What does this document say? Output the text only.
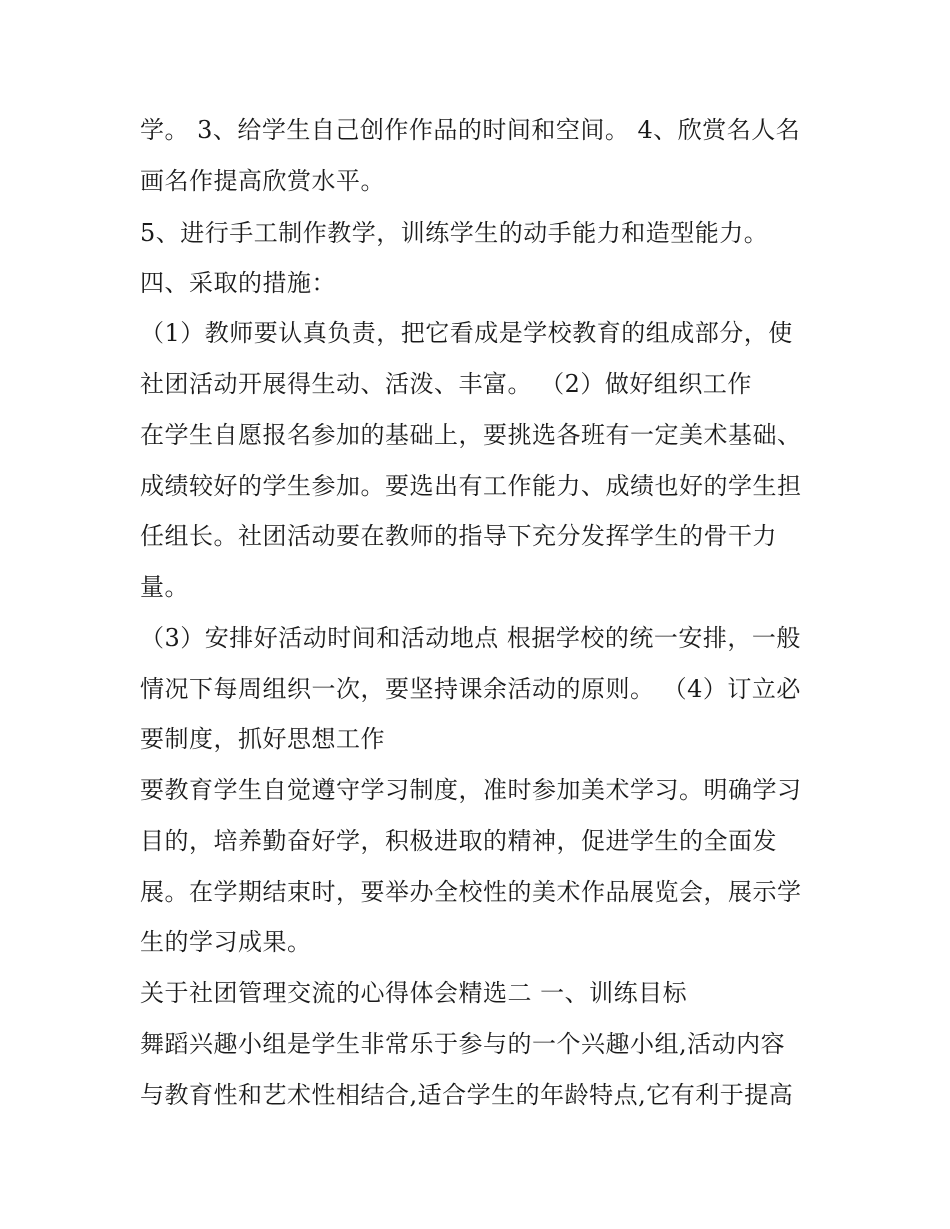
学。 3、给学生自己创作作品的时间和空间。 4、欣赏名人名
画名作提高欣赏水平。
5、进行手工制作教学，训练学生的动手能力和造型能力。
四、采取的措施：
（1）教师要认真负责，把它看成是学校教育的组成部分，使
社团活动开展得生动、活泼、丰富。 （2）做好组织工作
在学生自愿报名参加的基础上，要挑选各班有一定美术基础、
成绩较好的学生参加。要选出有工作能力、成绩也好的学生担
任组长。社团活动要在教师的指导下充分发挥学生的骨干力
量。
（3）安排好活动时间和活动地点 根据学校的统一安排，一般
情况下每周组织一次，要坚持课余活动的原则。 （4）订立必
要制度，抓好思想工作
要教育学生自觉遵守学习制度，准时参加美术学习。明确学习
目的，培养勤奋好学，积极进取的精神，促进学生的全面发
展。在学期结束时，要举办全校性的美术作品展览会，展示学
生的学习成果。
关于社团管理交流的心得体会精选二 一、训练目标
舞蹈兴趣小组是学生非常乐于参与的一个兴趣小组,活动内容
与教育性和艺术性相结合,适合学生的年龄特点,它有利于提高
